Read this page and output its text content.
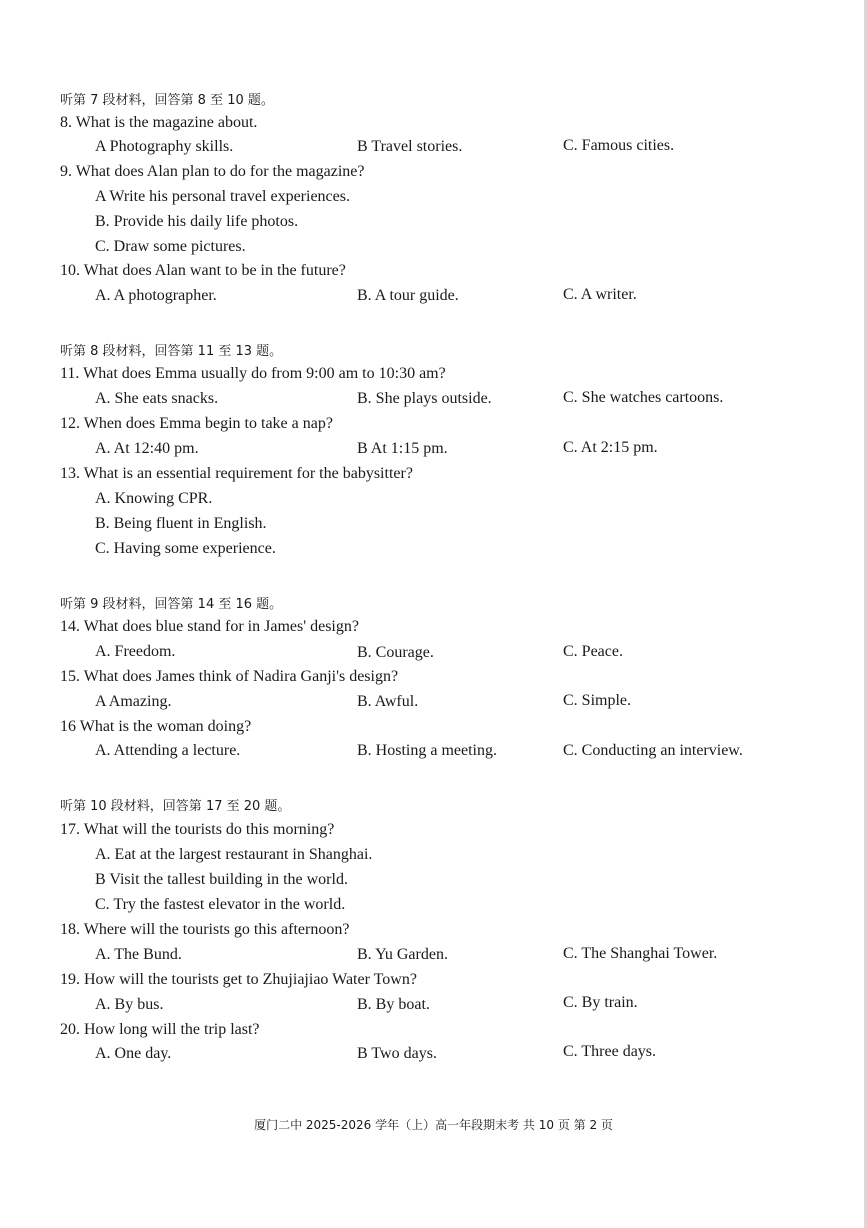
听第 7 段材料，回答第 8 至 10 题。
8. What is the magazine about.
A Photography skills.	B Travel stories.	C. Famous cities.
9. What does Alan plan to do for the magazine?
A Write his personal travel experiences.
B. Provide his daily life photos.
C. Draw some pictures.
10. What does Alan want to be in the future?
A. A photographer.	B. A tour guide.	C. A writer.
听第 8 段材料，回答第 11 至 13 题。
11. What does Emma usually do from 9:00 am to 10:30 am?
A. She eats snacks.	B. She plays outside.	C. She watches cartoons.
12. When does Emma begin to take a nap?
A. At 12:40 pm.	B At 1:15 pm.	C. At 2:15 pm.
13. What is an essential requirement for the babysitter?
A. Knowing CPR.
B. Being fluent in English.
C. Having some experience.
听第 9 段材料，回答第 14 至 16 题。
14. What does blue stand for in James' design?
A. Freedom.	B. Courage.	C. Peace.
15. What does James think of Nadira Ganji's design?
A Amazing.	B. Awful.	C. Simple.
16 What is the woman doing?
A. Attending a lecture.	B. Hosting a meeting.	C. Conducting an interview.
听第 10 段材料，回答第 17 至 20 题。
17. What will the tourists do this morning?
A. Eat at the largest restaurant in Shanghai.
B Visit the tallest building in the world.
C. Try the fastest elevator in the world.
18. Where will the tourists go this afternoon?
A. The Bund.	B. Yu Garden.	C. The Shanghai Tower.
19. How will the tourists get to Zhujiajiao Water Town?
A. By bus.	B. By boat.	C. By train.
20. How long will the trip last?
A. One day.	B Two days.	C. Three days.
厦门二中 2025-2026 学年（上）高一年段期末考 共 10 页 第 2 页
